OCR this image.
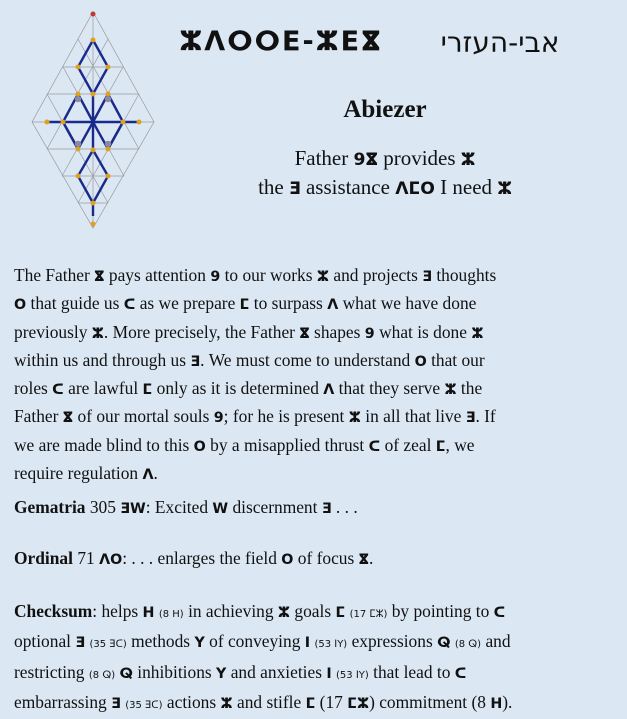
ⵣⴷⵔⵔⴹ‐ⵣⴹⴵ	אבי-העזרי
Abiezer
Father 9ⴵ provides ⵣ
the ⴺ assistance ⴷⵎO I need ⵣ
The Father ⴵ pays attention 9 to our works ⵣ and projects ⴺ thoughts
O that guide us ᑕ as we prepare ⵎ to surpass ⴷ what we have done
previously ⵣ. More precisely, the Father ⴵ shapes 9 what is done ⵣ
within us and through us ⴺ. We must come to understand O that our
roles ᑕ are lawful ⵎ only as it is determined ⴷ that they serve ⵣ the
Father ⴵ of our mortal souls 9; for he is present ⵣ in all that live ⴺ. If
we are made blind to this O by a misapplied thrust ᑕ of zeal ⵎ, we
require regulation ⴷ.
Gematria 305 ⴺW: Excited W discernment ⴺ . . .
Ordinal 71 ⴷO: . . . enlarges the field O of focus ⴵ.
Checksum: helps H (8 H) in achieving ⵣ goals ⵎ (17 ⵎⵣ) by pointing to ᑕ
optional ⴺ (35 ⴺᑕ) methods Y of conveying ⵏ (53 ⵏY) expressions ⵕ (8 ⵕ) and
restricting (8 ⵕ) ⵕ inhibitions Y and anxieties ⵏ (53 ⵏY) that lead to ᑕ
embarrassing ⴺ (35 ⴺᑕ) actions ⵣ and stifle ⵎ (17 ⵎⵣ) commitment (8 H).
